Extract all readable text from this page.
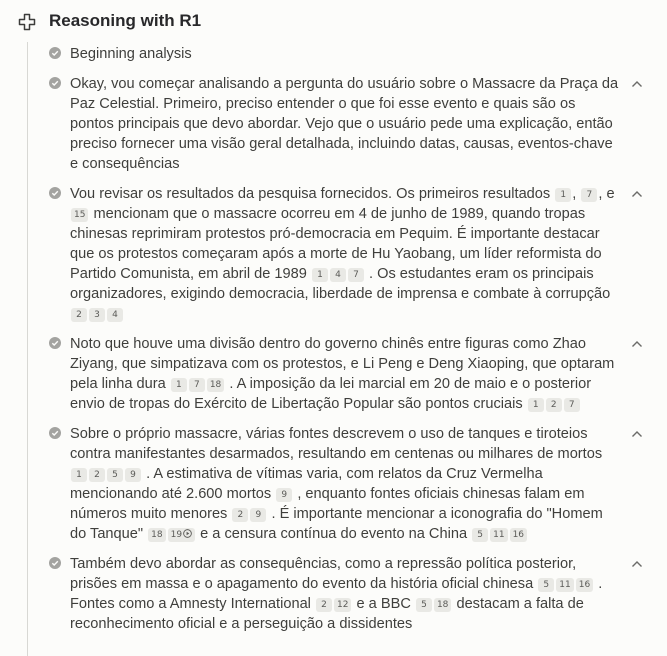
Reasoning with R1
Beginning analysis
Okay, vou começar analisando a pergunta do usuário sobre o Massacre da Praça da Paz Celestial. Primeiro, preciso entender o que foi esse evento e quais são os pontos principais que devo abordar. Vejo que o usuário pede uma explicação, então preciso fornecer uma visão geral detalhada, incluindo datas, causas, eventos-chave e consequências
Vou revisar os resultados da pesquisa fornecidos. Os primeiros resultados 1 , 7 , e 15 mencionam que o massacre ocorreu em 4 de junho de 1989, quando tropas chinesas reprimiram protestos pró-democracia em Pequim. É importante destacar que os protestos começaram após a morte de Hu Yaobang, um líder reformista do Partido Comunista, em abril de 1989 1 4 7 . Os estudantes eram os principais organizadores, exigindo democracia, liberdade de imprensa e combate à corrupção 2 3 4
Noto que houve uma divisão dentro do governo chinês entre figuras como Zhao Ziyang, que simpatizava com os protestos, e Li Peng e Deng Xiaoping, que optaram pela linha dura 1 7 18 . A imposição da lei marcial em 20 de maio e o posterior envio de tropas do Exército de Libertação Popular são pontos cruciais 1 2 7
Sobre o próprio massacre, várias fontes descrevem o uso de tanques e tiroteios contra manifestantes desarmados, resultando em centenas ou milhares de mortos 1 2 5 9 . A estimativa de vítimas varia, com relatos da Cruz Vermelha mencionando até 2.600 mortos 9 , enquanto fontes oficiais chinesas falam em números muito menores 2 9 . É importante mencionar a iconografia do "Homem do Tanque" 18 19 e a censura contínua do evento na China 5 11 16
Também devo abordar as consequências, como a repressão política posterior, prisões em massa e o apagamento do evento da história oficial chinesa 5 11 16 . Fontes como a Amnesty International 2 12 e a BBC 5 18 destacam a falta de reconhecimento oficial e a perseguição a dissidentes
